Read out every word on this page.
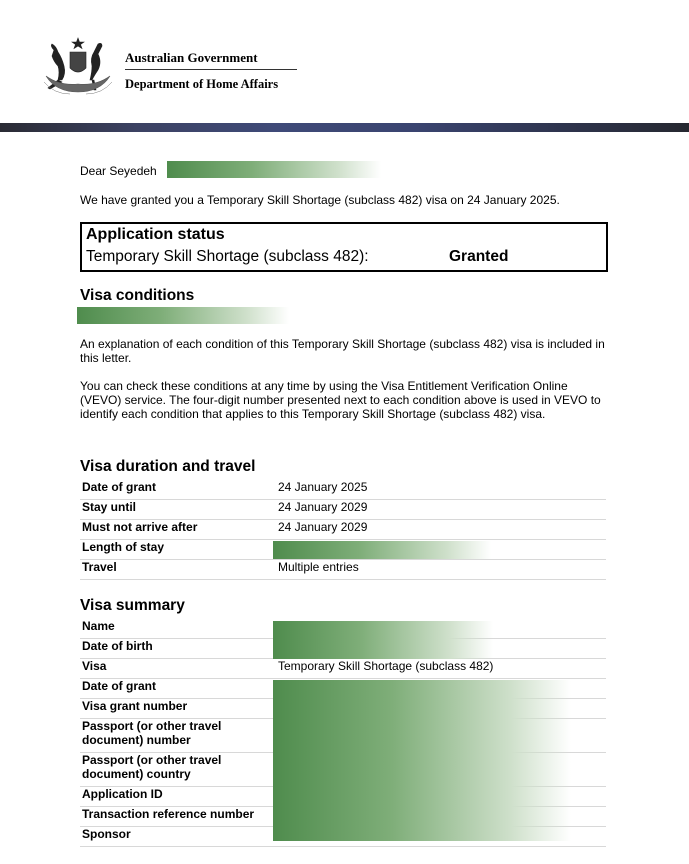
Australian Government
Department of Home Affairs
Dear Seyedeh
We have granted you a Temporary Skill Shortage (subclass 482) visa on 24 January 2025.
Application status
Temporary Skill Shortage (subclass 482):	Granted
Visa conditions
An explanation of each condition of this Temporary Skill Shortage (subclass 482) visa is included in this letter.
You can check these conditions at any time by using the Visa Entitlement Verification Online (VEVO) service. The four-digit number presented next to each condition above is used in VEVO to identify each condition that applies to this Temporary Skill Shortage (subclass 482) visa.
Visa duration and travel
Date of grant	24 January 2025
Stay until	24 January 2029
Must not arrive after	24 January 2029
Length of stay	
Travel	Multiple entries
Visa summary
Name	
Date of birth	
Visa	Temporary Skill Shortage (subclass 482)
Date of grant	
Visa grant number	
Passport (or other travel document) number	
Passport (or other travel document) country	
Application ID	
Transaction reference number	
Sponsor	
